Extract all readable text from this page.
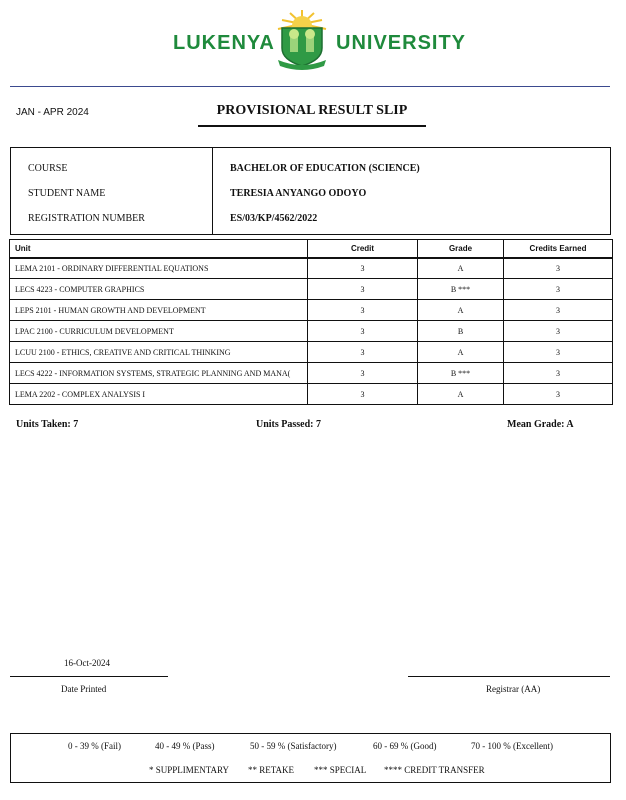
LUKENYA	UNIVERSITY
JAN - APR 2024	PROVISIONAL RESULT SLIP
COURSE	BACHELOR OF EDUCATION (SCIENCE)
STUDENT NAME	TERESIA ANYANGO ODOYO
REGISTRATION NUMBER	ES/03/KP/4562/2022
Unit	Credit	Grade	Credits Earned
LEMA 2101 - ORDINARY DIFFERENTIAL EQUATIONS	3	A	3
LECS 4223 - COMPUTER GRAPHICS	3	B ***	3
LEPS 2101 - HUMAN GROWTH AND DEVELOPMENT	3	A	3
LPAC 2100 - CURRICULUM DEVELOPMENT	3	B	3
LCUU 2100 - ETHICS, CREATIVE AND CRITICAL THINKING	3	A	3
LECS 4222 - INFORMATION SYSTEMS, STRATEGIC PLANNING AND MANA(	3	B ***	3
LEMA 2202 - COMPLEX ANALYSIS I	3	A	3
Units Taken: 7	Units Passed: 7	Mean Grade: A
16-Oct-2024
Date Printed	Registrar (AA)
0 - 39 % (Fail)	40 - 49 % (Pass)	50 - 59 % (Satisfactory)	60 - 69 % (Good)	70 - 100 % (Excellent)
* SUPPLIMENTARY ** RETAKE *** SPECIAL **** CREDIT TRANSFER
